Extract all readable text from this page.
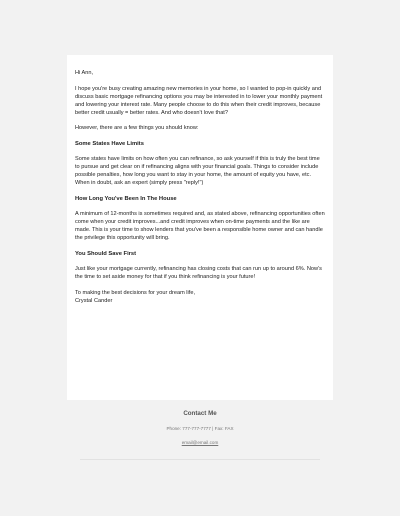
Hi Ann,

I hope you're busy creating amazing new memories in your home, so I wanted to pop-in quickly and discuss basic mortgage refinancing options you may be interested in to lower your monthly payment and lowering your interest rate. Many people choose to do this when their credit improves, because better credit usually = better rates. And who doesn't love that?

However, there are a few things you should know:

Some States Have Limits

Some states have limits on how often you can refinance, so ask yourself if this is truly the best time to pursue and get clear on if refinancing aligns with your financial goals. Things to consider include possible penalties, how long you want to stay in your home, the amount of equity you have, etc. When in doubt, ask an expert (simply press "reply!")

How Long You've Been In The House

A minimum of 12-months is sometimes required and, as stated above, refinancing opportunities often come when your credit improves...and credit improves when on-time payments and the like are made. This is your time to show lenders that you've been a responsible home owner and can handle the privilege this opportunity will bring.

You Should Save First

Just like your mortgage currently, refinancing has closing costs that can run up to around 6%. Now's the time to set aside money for that if you think refinancing is your future!

To making the best decisions for your dream life,

Crystal Cander

Contact Me
Phone: 777-777-7777 | Fax: FAX
email@email.com
